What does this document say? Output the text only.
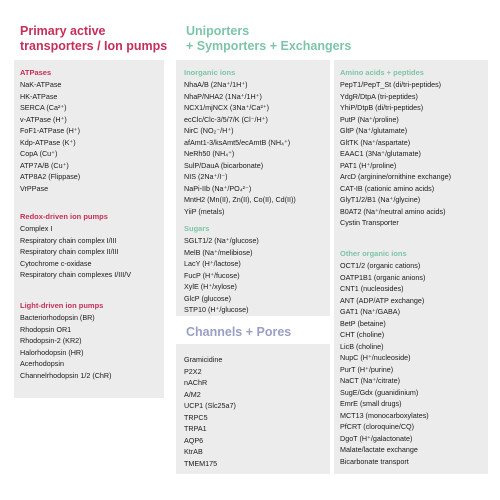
Primary active
transporters / Ion pumps
Uniporters
+ Symporters + Exchangers
Channels + Pores
ATPases
NaK-ATPase
HK-ATPase
SERCA (Ca²⁺)
v-ATPase (H⁺)
FoF1-ATPase (H⁺)
Kdp-ATPase (K⁺)
CopA (Cu⁺)
ATP7A/B (Cu⁺)
ATP8A2 (Flippase)
VrPPase
Redox-driven ion pumps
Complex I
Respiratory chain complex I/III
Respiratory chain complex II/III
Cytochrome c-oxidase
Respiratory chain complexes I/III/V
Light-driven ion pumps
Bacteriorhodopsin (BR)
Rhodopsin OR1
Rhodopsin-2 (KR2)
Halorhodopsin (HR)
Acerhodopsin
Channelrhodopsin 1/2 (ChR)
Inorganic ions
NhaA/B (2Na⁺/1H⁺)
NhaP/NHA2 (1Na⁺/1H⁺)
NCX1/mjNCX (3Na⁺/Ca²⁺)
ecClc/Clc-3/5/7/K (Cl⁻/H⁺)
NirC (NO₂⁻/H⁺)
afAmt1-3/ksAmt5/ecAmtB (NH₄⁺)
NeRh50 (NH₄⁺)
SulP/DauA (bicarbonate)
NIS (2Na⁺/I⁻)
NaPi-IIb (Na⁺/PO₄²⁻)
MntH2 (Mn(II), Zn(II), Co(II), Cd(II))
YiiP (metals)
Sugars
SGLT1/2 (Na⁺/glucose)
MelB (Na⁺/melibiose)
LacY (H⁺/lactose)
FucP (H⁺/fucose)
XylE (H⁺/xylose)
GlcP (glucose)
STP10 (H⁺/glucose)
Amino acids + peptides
PepT1/PepT_St (di/tri-peptides)
YdgR/DtpA (tri-peptides)
YhiP/DtpB (di/tri-peptides)
PutP (Na⁺/proline)
GltP (Na⁺/glutamate)
GltTK (Na⁺/aspartate)
EAAC1 (3Na⁺/glutamate)
PAT1 (H⁺/proline)
ArcD (arginine/ornithine exchange)
CAT-IB (cationic amino acids)
GlyT1/2/B1 (Na⁺/glycine)
B0AT2 (Na⁺/neutral amino acids)
Cystin Transporter
Other organic ions
OCT1/2 (organic cations)
OATP1B1 (organic anions)
CNT1 (nucleosides)
ANT (ADP/ATP exchange)
GAT1 (Na⁺/GABA)
BetP (betaine)
CHT (choline)
LicB (choline)
NupC (H⁺/nucleoside)
PurT (H⁺/purine)
NaCT (Na⁺/citrate)
SugE/Gdx (guanidinium)
EmrE (small drugs)
MCT13 (monocarboxylates)
PfCRT (cloroquine/CQ)
DgoT (H⁺/galactonate)
Malate/lactate exchange
Bicarbonate transport
Gramicidine
P2X2
nAChR
A/M2
UCP1 (Slc25a7)
TRPC5
TRPA1
AQP6
KtrAB
TMEM175
